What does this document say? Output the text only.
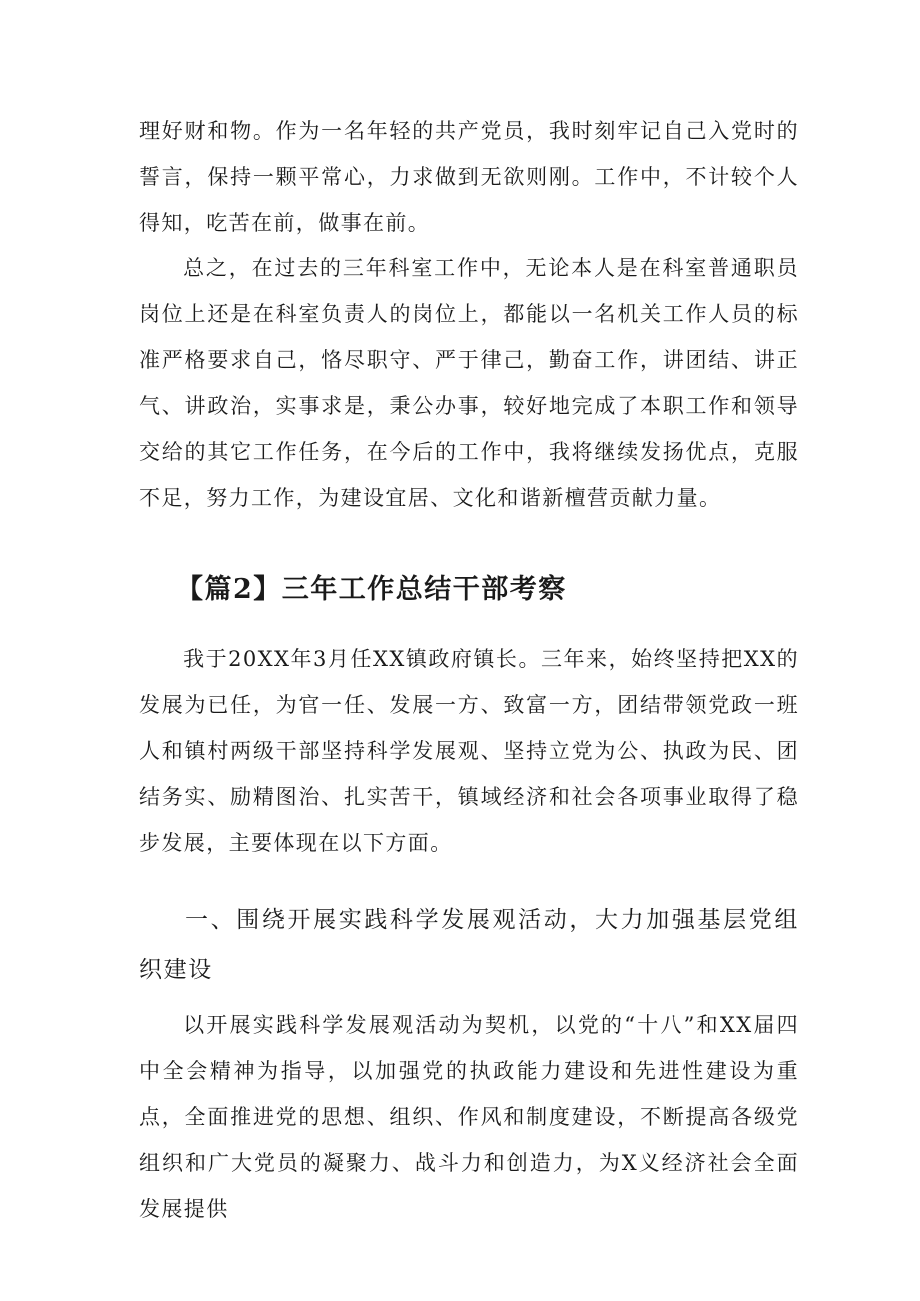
理好财和物。作为一名年轻的共产党员，我时刻牢记自己入党时的誓言，保持一颗平常心，力求做到无欲则刚。工作中，不计较个人得知，吃苦在前，做事在前。

总之，在过去的三年科室工作中，无论本人是在科室普通职员岗位上还是在科室负责人的岗位上，都能以一名机关工作人员的标准严格要求自己，恪尽职守、严于律己，勤奋工作，讲团结、讲正气、讲政治，实事求是，秉公办事，较好地完成了本职工作和领导交给的其它工作任务，在今后的工作中，我将继续发扬优点，克服不足，努力工作，为建设宜居、文化和谐新檀营贡献力量。

【篇2】三年工作总结干部考察

我于20XX年3月任XX镇政府镇长。三年来，始终坚持把XX的发展为已任，为官一任、发展一方、致富一方，团结带领党政一班人和镇村两级干部坚持科学发展观、坚持立党为公、执政为民、团结务实、励精图治、扎实苦干，镇域经济和社会各项事业取得了稳步发展，主要体现在以下方面。

一、围绕开展实践科学发展观活动，大力加强基层党组织建设

以开展实践科学发展观活动为契机，以党的“十八”和XX届四中全会精神为指导，以加强党的执政能力建设和先进性建设为重点，全面推进党的思想、组织、作风和制度建设，不断提高各级党组织和广大党员的凝聚力、战斗力和创造力，为X义经济社会全面发展提供
